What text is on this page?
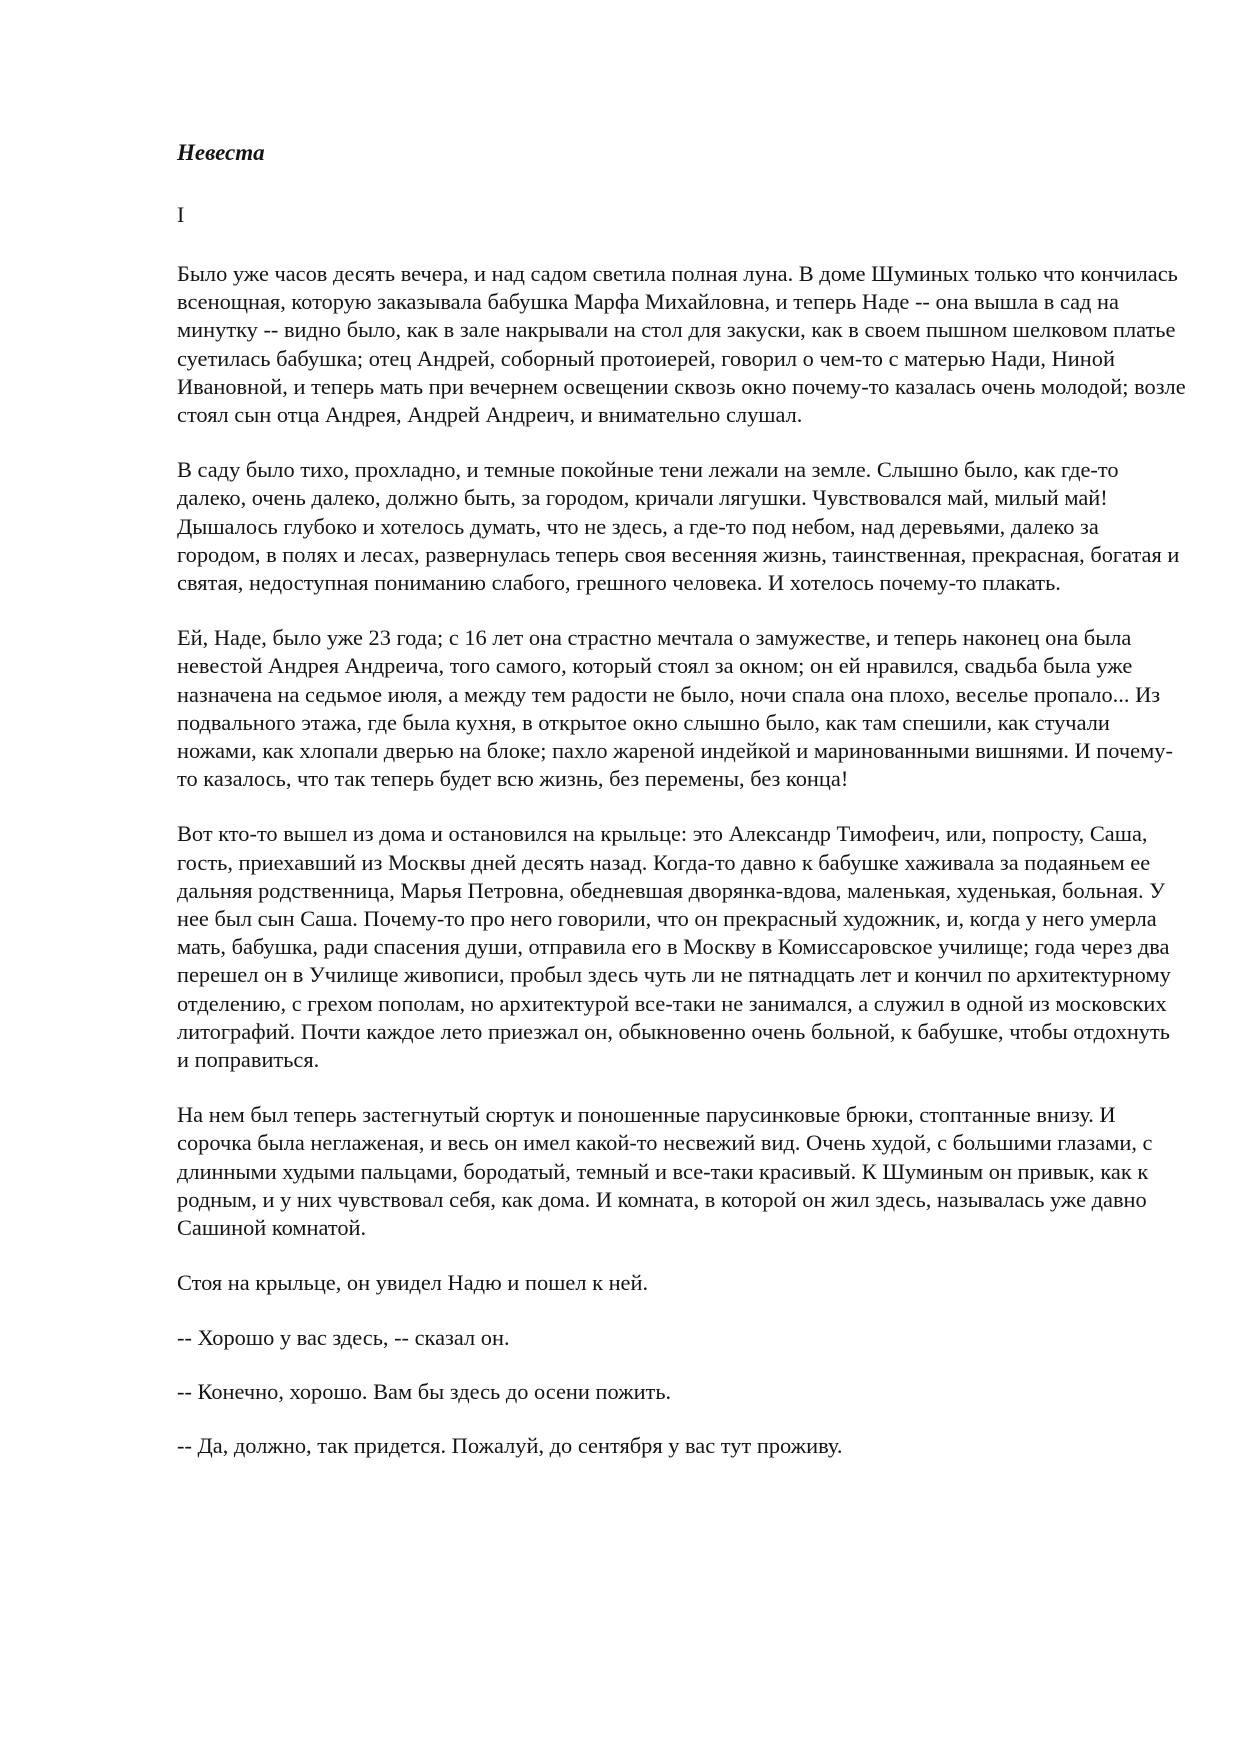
Невеста

I

Было уже часов десять вечера, и над садом светила полная луна. В доме Шуминых только что кончилась всенощная, которую заказывала бабушка Марфа Михайловна, и теперь Наде -- она вышла в сад на минутку -- видно было, как в зале накрывали на стол для закуски, как в своем пышном шелковом платье суетилась бабушка; отец Андрей, соборный протоиерей, говорил о чем-то с матерью Нади, Ниной Ивановной, и теперь мать при вечернем освещении сквозь окно почему-то казалась очень молодой; возле стоял сын отца Андрея, Андрей Андреич, и внимательно слушал.

В саду было тихо, прохладно, и темные покойные тени лежали на земле. Слышно было, как где-то далеко, очень далеко, должно быть, за городом, кричали лягушки. Чувствовался май, милый май! Дышалось глубоко и хотелось думать, что не здесь, а где-то под небом, над деревьями, далеко за городом, в полях и лесах, развернулась теперь своя весенняя жизнь, таинственная, прекрасная, богатая и святая, недоступная пониманию слабого, грешного человека. И хотелось почему-то плакать.

Ей, Наде, было уже 23 года; с 16 лет она страстно мечтала о замужестве, и теперь наконец она была невестой Андрея Андреича, того самого, который стоял за окном; он ей нравился, свадьба была уже назначена на седьмое июля, а между тем радости не было, ночи спала она плохо, веселье пропало... Из подвального этажа, где была кухня, в открытое окно слышно было, как там спешили, как стучали ножами, как хлопали дверью на блоке; пахло жареной индейкой и маринованными вишнями. И почему-то казалось, что так теперь будет всю жизнь, без перемены, без конца!

Вот кто-то вышел из дома и остановился на крыльце: это Александр Тимофеич, или, попросту, Саша, гость, приехавший из Москвы дней десять назад. Когда-то давно к бабушке хаживала за подаяньем ее дальняя родственница, Марья Петровна, обедневшая дворянка-вдова, маленькая, худенькая, больная. У нее был сын Саша. Почему-то про него говорили, что он прекрасный художник, и, когда у него умерла мать, бабушка, ради спасения души, отправила его в Москву в Комиссаровское училище; года через два перешел он в Училище живописи, пробыл здесь чуть ли не пятнадцать лет и кончил по архитектурному отделению, с грехом пополам, но архитектурой все-таки не занимался, а служил в одной из московских литографий. Почти каждое лето приезжал он, обыкновенно очень больной, к бабушке, чтобы отдохнуть и поправиться.

На нем был теперь застегнутый сюртук и поношенные парусинковые брюки, стоптанные внизу. И сорочка была неглаженая, и весь он имел какой-то несвежий вид. Очень худой, с большими глазами, с длинными худыми пальцами, бородатый, темный и все-таки красивый. К Шуминым он привык, как к родным, и у них чувствовал себя, как дома. И комната, в которой он жил здесь, называлась уже давно Сашиной комнатой.

Стоя на крыльце, он увидел Надю и пошел к ней.

-- Хорошо у вас здесь, -- сказал он.

-- Конечно, хорошо. Вам бы здесь до осени пожить.

-- Да, должно, так придется. Пожалуй, до сентября у вас тут проживу.
